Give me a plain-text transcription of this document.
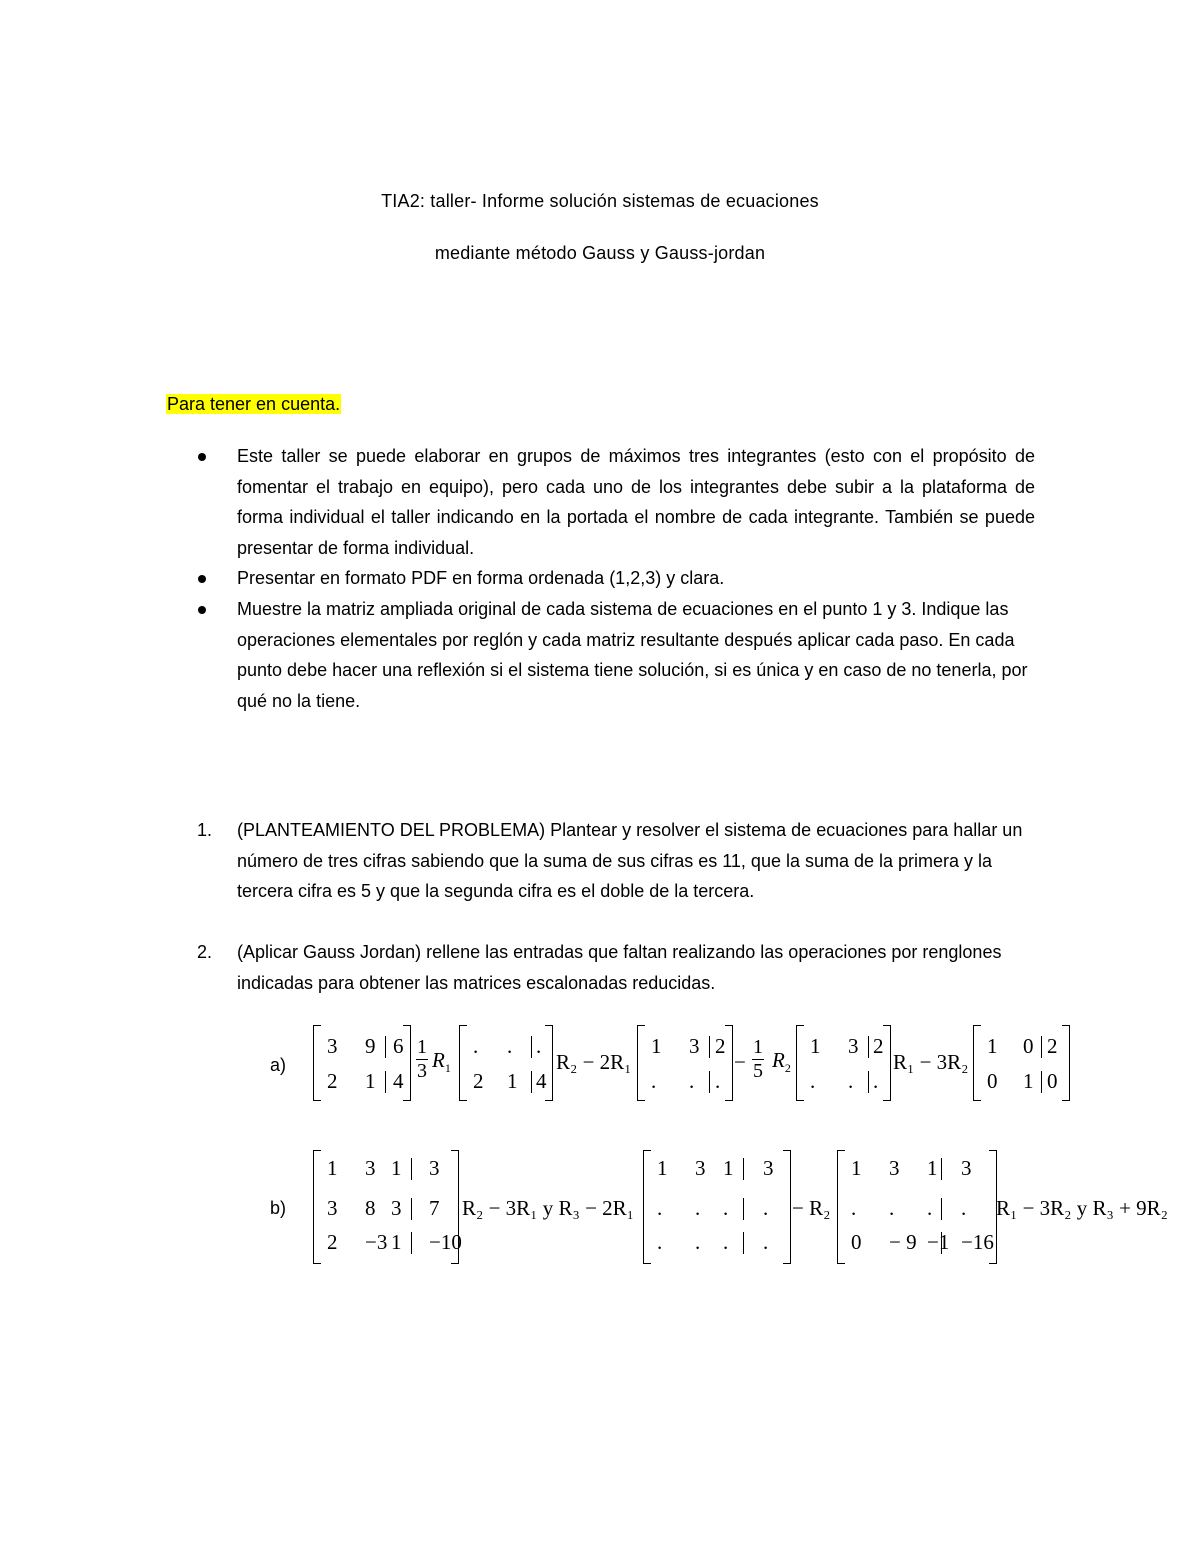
TIA2: taller- Informe solución sistemas de ecuaciones
mediante método Gauss y Gauss-jordan
Para tener en cuenta.
Este taller se puede elaborar en grupos de máximos tres integrantes (esto con el propósito de fomentar el trabajo en equipo), pero cada uno de los integrantes debe subir a la plataforma de forma individual el taller indicando en la portada el nombre de cada integrante. También se puede presentar de forma individual.
Presentar en formato PDF en forma ordenada (1,2,3) y clara.
Muestre la matriz ampliada original de cada sistema de ecuaciones en el punto 1 y 3. Indique las operaciones elementales por reglón y cada matriz resultante después aplicar cada paso. En cada punto debe hacer una reflexión si el sistema tiene solución, si es única y en caso de no tenerla, por qué no la tiene.
1. (PLANTEAMIENTO DEL PROBLEMA) Plantear y resolver el sistema de ecuaciones para hallar un número de tres cifras sabiendo que la suma de sus cifras es 11, que la suma de la primera y la tercera cifra es 5 y que la segunda cifra es el doble de la tercera.
2. (Aplicar Gauss Jordan) rellene las entradas que faltan realizando las operaciones por renglones indicadas para obtener las matrices escalonadas reducidas.
a)
3 9 6
2 1 $4 \frac{1}{3} R_1$
. . .
2 1 4
R₂ − 2R₁
1 3 2
. . .
− $\frac{1}{5} R_2$
1 3 2
. . .
R₁ − 3R₂
1 0 2
0 1 0
b)
1 3 1 3
3 8 3 7
2 −3 1 −10
R₂ − 3R₁ y R₃ − 2R₁
1 3 1 3
. . . .
. . . .
− R₂
1 3 1 3
. . . .
0 − 9 −1 −16
R₁ − 3R₂ y R₃ + 9R₂
